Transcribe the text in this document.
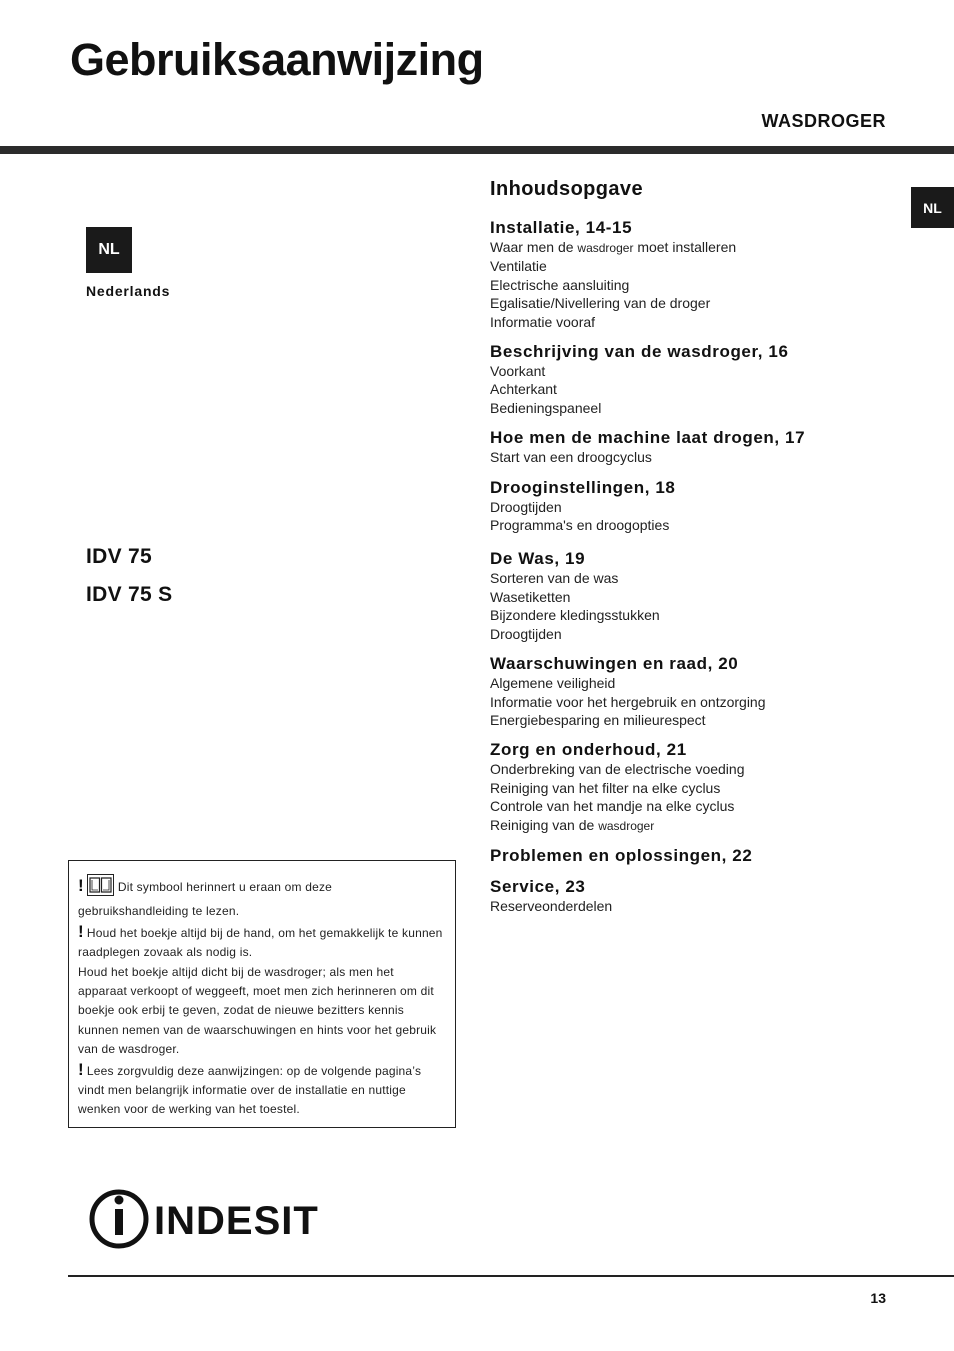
Gebruiksaanwijzing
WASDROGER
NL
NL
Nederlands
IDV 75
IDV 75 S
Inhoudsopgave
Installatie, 14-15
Waar men de wasdroger moet installeren
Ventilatie
Electrische aansluiting
Egalisatie/Nivellering van de droger
Informatie vooraf
Beschrijving van de wasdroger, 16
Voorkant
Achterkant
Bedieningspaneel
Hoe men de machine laat drogen, 17
Start van een droogcyclus
Drooginstellingen, 18
Droogtijden
Programma's en droogopties
De Was, 19
Sorteren van de was
Wasetiketten
Bijzondere kledingsstukken
Droogtijden
Waarschuwingen en raad, 20
Algemene veiligheid
Informatie voor het hergebruik en ontzorging
Energiebesparing en milieurespect
Zorg en onderhoud, 21
Onderbreking van de electrische voeding
Reiniging van het filter na elke cyclus
Controle van het mandje na elke cyclus
Reiniging van de wasdroger
Problemen en oplossingen, 22
Service, 23
Reserveonderdelen

!	Dit symbool herinnert u eraan om deze gebruikshandleiding te lezen.

! Houd het boekje altijd bij de hand, om het gemakkelijk te kunnen raadplegen zovaak als nodig is.

Houd het boekje altijd dicht bij de wasdroger; als men het apparaat verkoopt of weggeeft, moet men zich herinneren om dit boekje ook erbij te geven, zodat de nieuwe bezitters kennis kunnen nemen van de waarschuwingen en hints voor het gebruik van de wasdroger.

! Lees zorgvuldig deze aanwijzingen: op de volgende pagina’s vindt men belangrijk informatie over de installatie en nuttige wenken voor de werking van het toestel.

INDESIT
13
